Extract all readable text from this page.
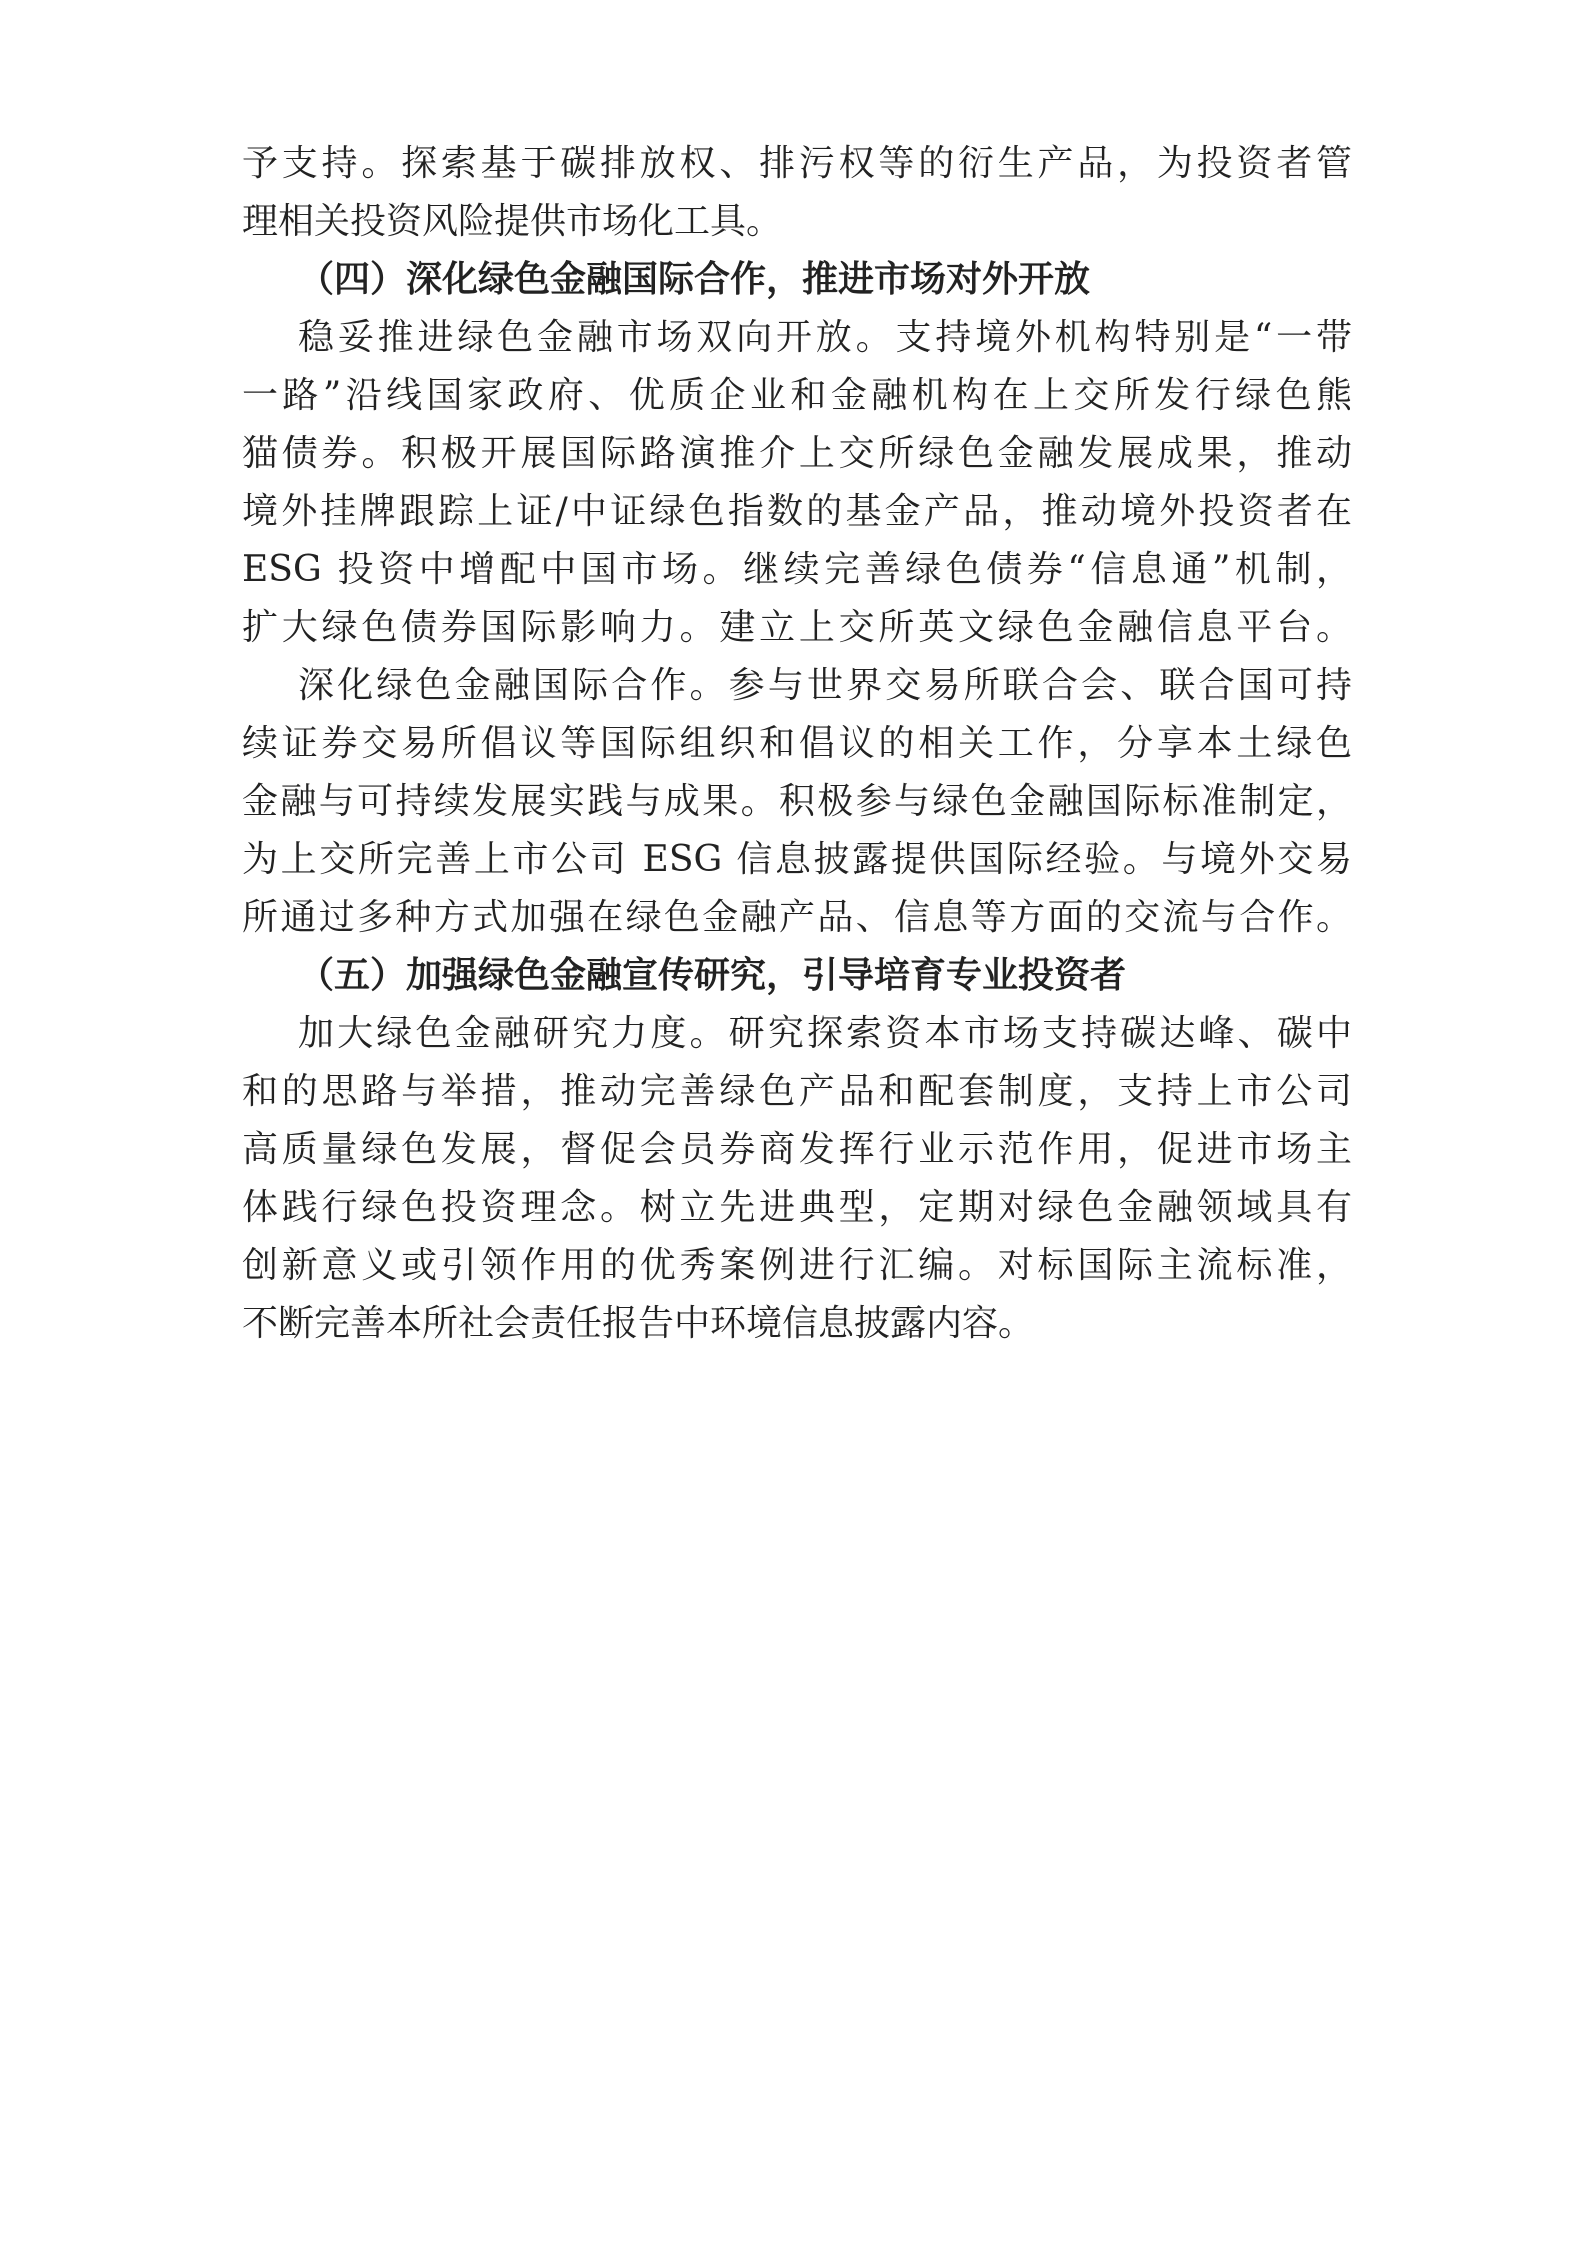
予支持。探索基于碳排放权、排污权等的衍生产品，为投资者管
理相关投资风险提供市场化工具。
（四）深化绿色金融国际合作，推进市场对外开放
稳妥推进绿色金融市场双向开放。支持境外机构特别是“一带
一路”沿线国家政府、优质企业和金融机构在上交所发行绿色熊
猫债券。积极开展国际路演推介上交所绿色金融发展成果，推动
境外挂牌跟踪上证/中证绿色指数的基金产品，推动境外投资者在
ESG 投资中增配中国市场。继续完善绿色债券“信息通”机制，
扩大绿色债券国际影响力。建立上交所英文绿色金融信息平台。
深化绿色金融国际合作。参与世界交易所联合会、联合国可持
续证券交易所倡议等国际组织和倡议的相关工作，分享本土绿色
金融与可持续发展实践与成果。积极参与绿色金融国际标准制定，
为上交所完善上市公司 ESG 信息披露提供国际经验。与境外交易
所通过多种方式加强在绿色金融产品、信息等方面的交流与合作。
（五）加强绿色金融宣传研究，引导培育专业投资者
加大绿色金融研究力度。研究探索资本市场支持碳达峰、碳中
和的思路与举措，推动完善绿色产品和配套制度，支持上市公司
高质量绿色发展，督促会员券商发挥行业示范作用，促进市场主
体践行绿色投资理念。树立先进典型，定期对绿色金融领域具有
创新意义或引领作用的优秀案例进行汇编。对标国际主流标准，
不断完善本所社会责任报告中环境信息披露内容。
